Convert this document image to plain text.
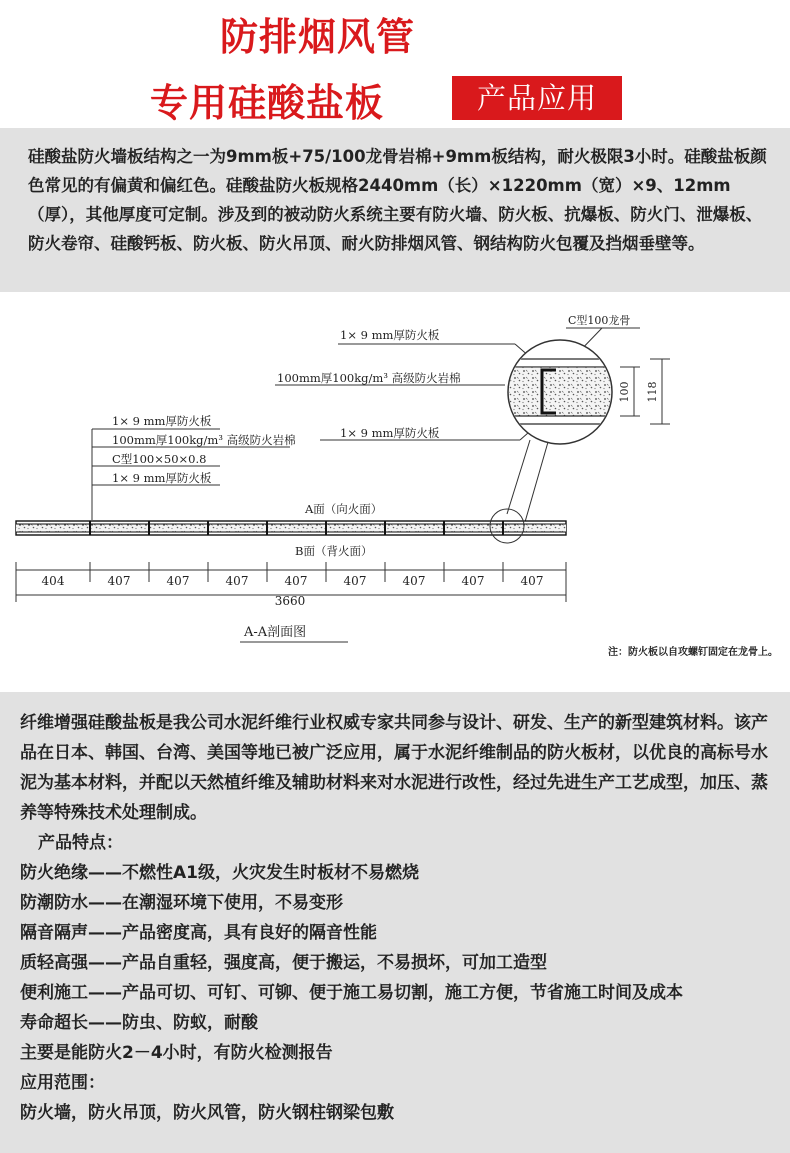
防排烟风管
专用硅酸盐板	产品应用
硅酸盐防火墙板结构之一为9mm板+75/100龙骨岩棉+9mm板结构，耐火极限3小时。硅酸盐板颜色常见的有偏黄和偏红色。硅酸盐防火板规格2440mm（长）×1220mm（宽）×9、12mm（厚），其他厚度可定制。涉及到的被动防火系统主要有防火墙、防火板、抗爆板、防火门、泄爆板、防火卷帘、硅酸钙板、防火板、防火吊顶、耐火防排烟风管、钢结构防火包覆及挡烟垂壁等。
1× 9 mm厚防火板
100mm厚100kg/m³ 高级防火岩棉
C型100×50×0.8
1× 9 mm厚防火板
1× 9 mm厚防火板
100mm厚100kg/m³ 高级防火岩棉
1× 9 mm厚防火板
C型100龙骨
100 118
A面（向火面）
B面（背火面）
404	407	407	407	407	407	407	407	407
3660
A-A剖面图
注：防火板以自攻螺钉固定在龙骨上。

纤维增强硅酸盐板是我公司水泥纤维行业权威专家共同参与设计、研发、生产的新型建筑材料。该产品在日本、韩国、台湾、美国等地已被广泛应用，属于水泥纤维制品的防火板材，以优良的高标号水泥为基本材料，并配以天然植纤维及辅助材料来对水泥进行改性，经过先进生产工艺成型，加压、蒸养等特殊技术处理制成。

产品特点：
防火绝缘——不燃性A1级，火灾发生时板材不易燃烧
防潮防水——在潮湿环境下使用，不易变形
隔音隔声——产品密度高，具有良好的隔音性能
质轻高强——产品自重轻，强度高，便于搬运，不易损坏，可加工造型
便利施工——产品可切、可钉、可铆、便于施工易切割，施工方便，节省施工时间及成本
寿命超长——防虫、防蚁，耐酸
主要是能防火2－4小时，有防火检测报告
应用范围：
防火墙，防火吊顶，防火风管，防火钢柱钢梁包敷
